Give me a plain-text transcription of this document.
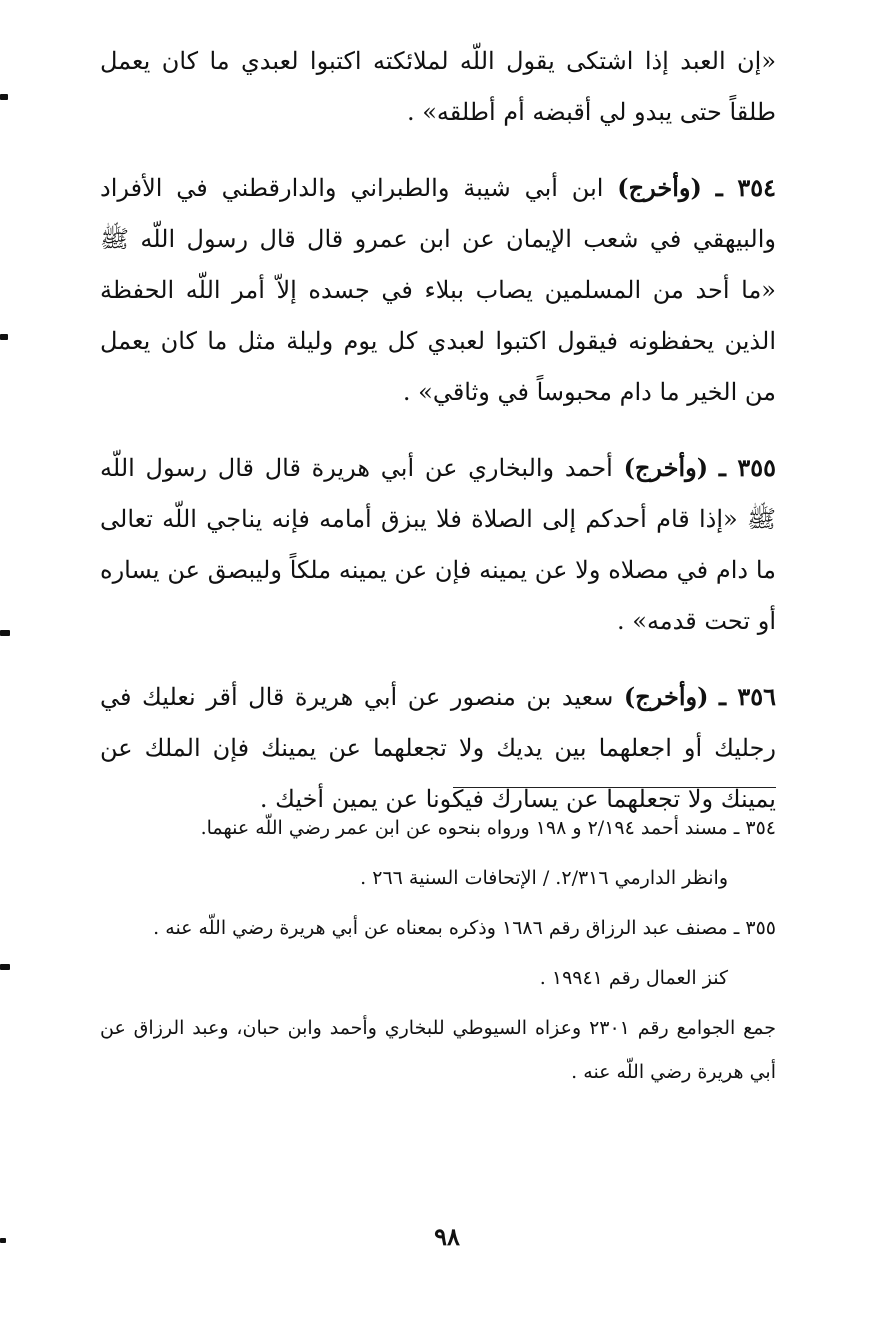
«إن العبد إذا اشتكى يقول اللّه لملائكته اكتبوا لعبدي ما كان يعمل طلقاً حتى يبدو لي أقبضه أم أطلقه» .

٣٥٤ ـ (وأخرج) ابن أبي شيبة والطبراني والدارقطني في الأفراد والبيهقي في شعب الإيمان عن ابن عمرو قال قال رسول اللّه ﷺ «ما أحد من المسلمين يصاب ببلاء في جسده إلاّ أمر اللّه الحفظة الذين يحفظونه فيقول اكتبوا لعبدي كل يوم وليلة مثل ما كان يعمل من الخير ما دام محبوساً في وثاقي» .

٣٥٥ ـ (وأخرج) أحمد والبخاري عن أبي هريرة قال قال رسول اللّه ﷺ «إذا قام أحدكم إلى الصلاة فلا يبزق أمامه فإنه يناجي اللّه تعالى ما دام في مصلاه ولا عن يمينه فإن عن يمينه ملكاً وليبصق عن يساره أو تحت قدمه» .

٣٥٦ ـ (وأخرج) سعيد بن منصور عن أبي هريرة قال أقر نعليك في رجليك أو اجعلهما بين يديك ولا تجعلهما عن يمينك فإن الملك عن يمينك ولا تجعلهما عن يسارك فيكونا عن يمين أخيك .

٣٥٤ ـ مسند أحمد ٢/١٩٤ و ١٩٨ ورواه بنحوه عن ابن عمر رضي اللّه عنهما.

وانظر الدارمي ٢/٣١٦. / الإتحافات السنية ٢٦٦ .

٣٥٥ ـ مصنف عبد الرزاق رقم ١٦٨٦ وذكره بمعناه عن أبي هريرة رضي اللّه عنه .

كنز العمال رقم ١٩٩٤١ .

جمع الجوامع رقم ٢٣٠١ وعزاه السيوطي للبخاري وأحمد وابن حبان، وعبد الرزاق عن أبي هريرة رضي اللّه عنه .

٩٨
